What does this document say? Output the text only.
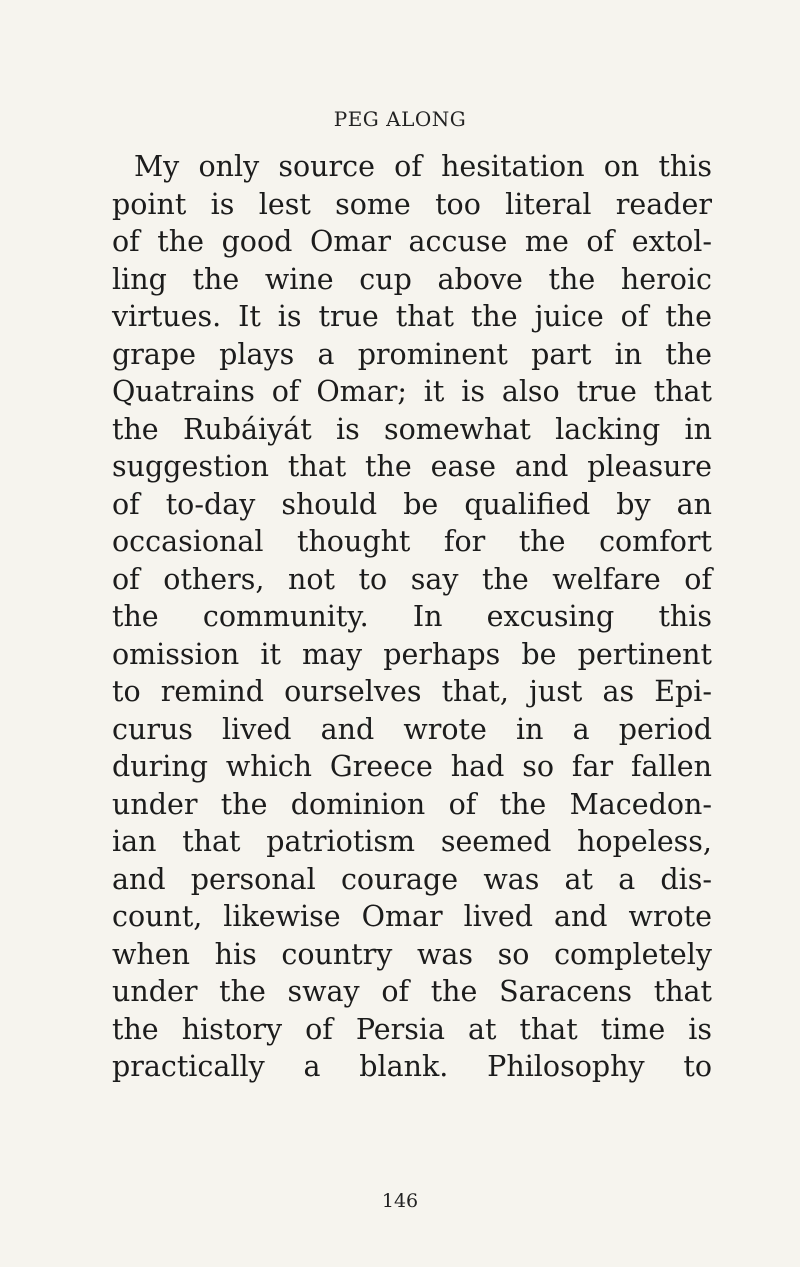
PEG ALONG
My only source of hesitation on this
point is lest some too literal reader
of the good Omar accuse me of extol-
ling the wine cup above the heroic
virtues. It is true that the juice of the
grape plays a prominent part in the
Quatrains of Omar; it is also true that
the Rubáiyát is somewhat lacking in
suggestion that the ease and pleasure
of to-day should be qualified by an
occasional thought for the comfort
of others, not to say the welfare of
the community. In excusing this
omission it may perhaps be pertinent
to remind ourselves that, just as Epi-
curus lived and wrote in a period
during which Greece had so far fallen
under the dominion of the Macedon-
ian that patriotism seemed hopeless,
and personal courage was at a dis-
count, likewise Omar lived and wrote
when his country was so completely
under the sway of the Saracens that
the history of Persia at that time is
practically a blank. Philosophy to
146
